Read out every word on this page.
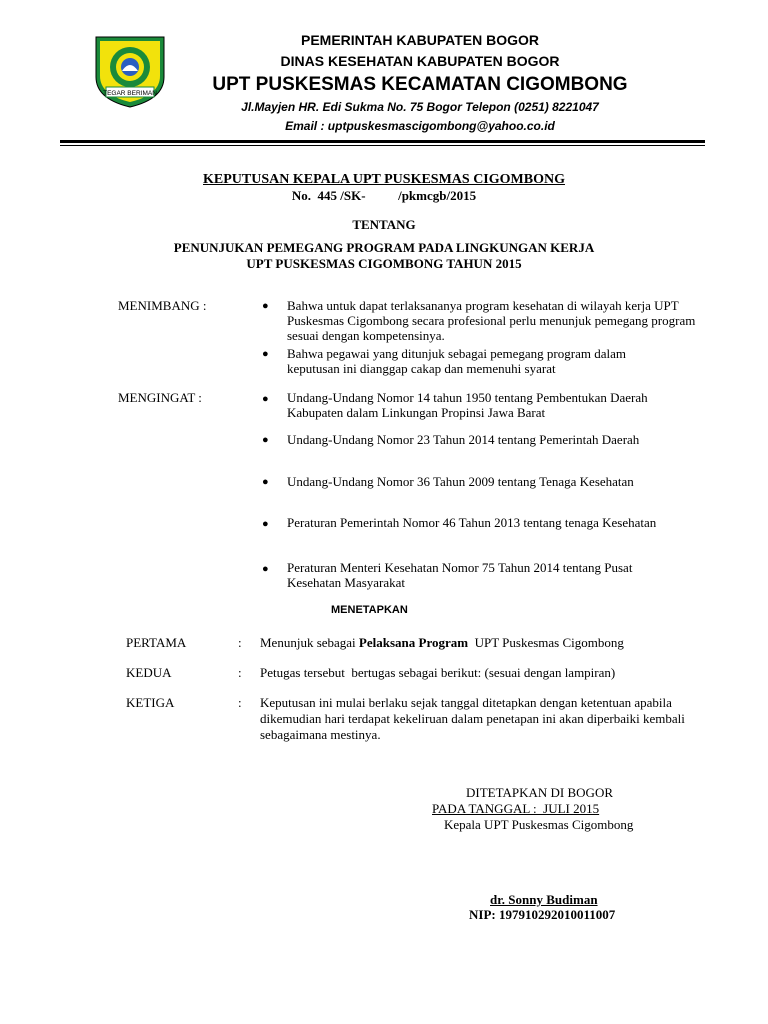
TEGAR BERIMAN
PEMERINTAH KABUPATEN BOGOR
DINAS KESEHATAN KABUPATEN BOGOR
UPT PUSKESMAS KECAMATAN CIGOMBONG
Jl.Mayjen HR. Edi Sukma No. 75 Bogor Telepon (0251) 8221047
Email : uptpuskesmascigombong@yahoo.co.id
KEPUTUSAN KEPALA UPT PUSKESMAS CIGOMBONG
No.  445 /SK-          /pkmcgb/2015
TENTANG
PENUNJUKAN PEMEGANG PROGRAM PADA LINGKUNGAN KERJA
UPT PUSKESMAS CIGOMBONG TAHUN 2015
MENIMBANG :	● Bahwa untuk dapat terlaksananya program kesehatan di wilayah kerja UPT Puskesmas Cigombong secara profesional perlu menunjuk pemegang program sesuai dengan kompetensinya.
● Bahwa pegawai yang ditunjuk sebagai pemegang program dalam keputusan ini dianggap cakap dan memenuhi syarat
MENGINGAT :	● Undang-Undang Nomor 14 tahun 1950 tentang Pembentukan Daerah Kabupaten dalam Linkungan Propinsi Jawa Barat
● Undang-Undang Nomor 23 Tahun 2014 tentang Pemerintah Daerah
● Undang-Undang Nomor 36 Tahun 2009 tentang Tenaga Kesehatan
● Peraturan Pemerintah Nomor 46 Tahun 2013 tentang tenaga Kesehatan
● Peraturan Menteri Kesehatan Nomor 75 Tahun 2014 tentang Pusat Kesehatan Masyarakat
MENETAPKAN
PERTAMA	: Menunjuk sebagai Pelaksana Program  UPT Puskesmas Cigombong
KEDUA	: Petugas tersebut  bertugas sebagai berikut: (sesuai dengan lampiran)
KETIGA	: Keputusan ini mulai berlaku sejak tanggal ditetapkan dengan ketentuan apabila dikemudian hari terdapat kekeliruan dalam penetapan ini akan diperbaiki kembali sebagaimana mestinya.
DITETAPKAN DI BOGOR
PADA TANGGAL :  JULI 2015
Kepala UPT Puskesmas Cigombong
dr. Sonny Budiman
NIP: 197910292010011007
